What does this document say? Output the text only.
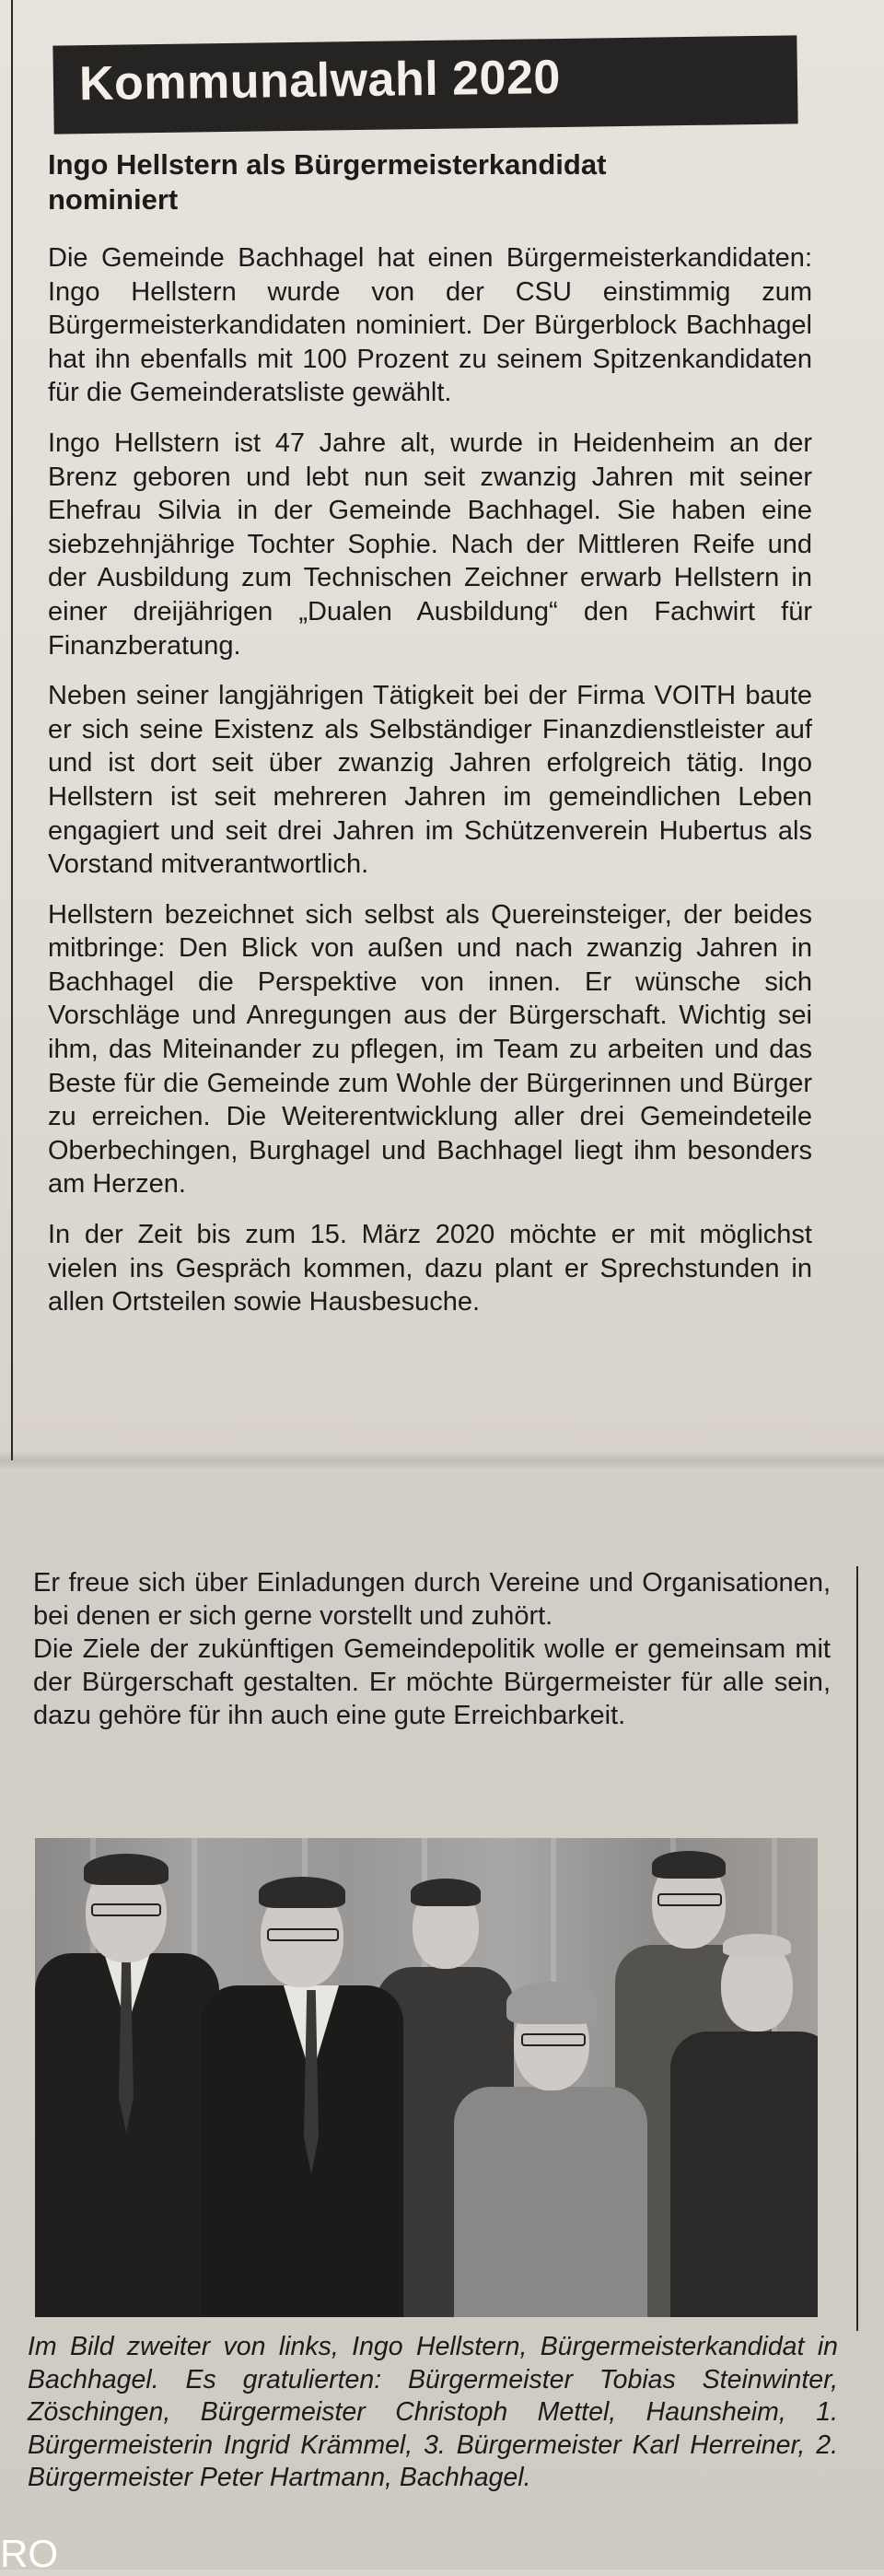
Kommunalwahl 2020
Ingo Hellstern als Bürgermeisterkandidat
nominiert

Die Gemeinde Bachhagel hat einen Bürgermeisterkandidaten: Ingo Hellstern wurde von der CSU einstimmig zum Bürgermeisterkandidaten nominiert. Der Bürgerblock Bachhagel hat ihn ebenfalls mit 100 Prozent zu seinem Spitzenkandidaten für die Gemeinderatsliste gewählt.

Ingo Hellstern ist 47 Jahre alt, wurde in Heidenheim an der Brenz geboren und lebt nun seit zwanzig Jahren mit seiner Ehefrau Silvia in der Gemeinde Bachhagel. Sie haben eine siebzehnjährige Tochter Sophie. Nach der Mittleren Reife und der Ausbildung zum Technischen Zeichner erwarb Hellstern in einer dreijährigen „Dualen Ausbildung“ den Fachwirt für Finanzberatung.

Neben seiner langjährigen Tätigkeit bei der Firma VOITH baute er sich seine Existenz als Selbständiger Finanzdienstleister auf und ist dort seit über zwanzig Jahren erfolgreich tätig. Ingo Hellstern ist seit mehreren Jahren im gemeindlichen Leben engagiert und seit drei Jahren im Schützenverein Hubertus als Vorstand mitverantwortlich.

Hellstern bezeichnet sich selbst als Quereinsteiger, der beides mitbringe: Den Blick von außen und nach zwanzig Jahren in Bachhagel die Perspektive von innen. Er wünsche sich Vorschläge und Anregungen aus der Bürgerschaft. Wichtig sei ihm, das Miteinander zu pflegen, im Team zu arbeiten und das Beste für die Gemeinde zum Wohle der Bürgerinnen und Bürger zu erreichen. Die Weiterentwicklung aller drei Gemeindeteile Oberbechingen, Burghagel und Bachhagel liegt ihm besonders am Herzen.

In der Zeit bis zum 15. März 2020 möchte er mit möglichst vielen ins Gespräch kommen, dazu plant er Sprechstunden in allen Ortsteilen sowie Hausbesuche.

Er freue sich über Einladungen durch Vereine und Organisationen, bei denen er sich gerne vorstellt und zuhört.

Die Ziele der zukünftigen Gemeindepolitik wolle er gemeinsam mit der Bürgerschaft gestalten. Er möchte Bürgermeister für alle sein, dazu gehöre für ihn auch eine gute Erreichbarkeit.

Im Bild zweiter von links, Ingo Hellstern, Bürgermeisterkandidat in Bachhagel. Es gratulierten: Bürgermeister Tobias Steinwinter, Zöschingen, Bürgermeister Christoph Mettel, Haunsheim, 1. Bürgermeisterin Ingrid Krämmel, 3. Bürgermeister Karl Herreiner, 2. Bürgermeister Peter Hartmann, Bachhagel.

RO
